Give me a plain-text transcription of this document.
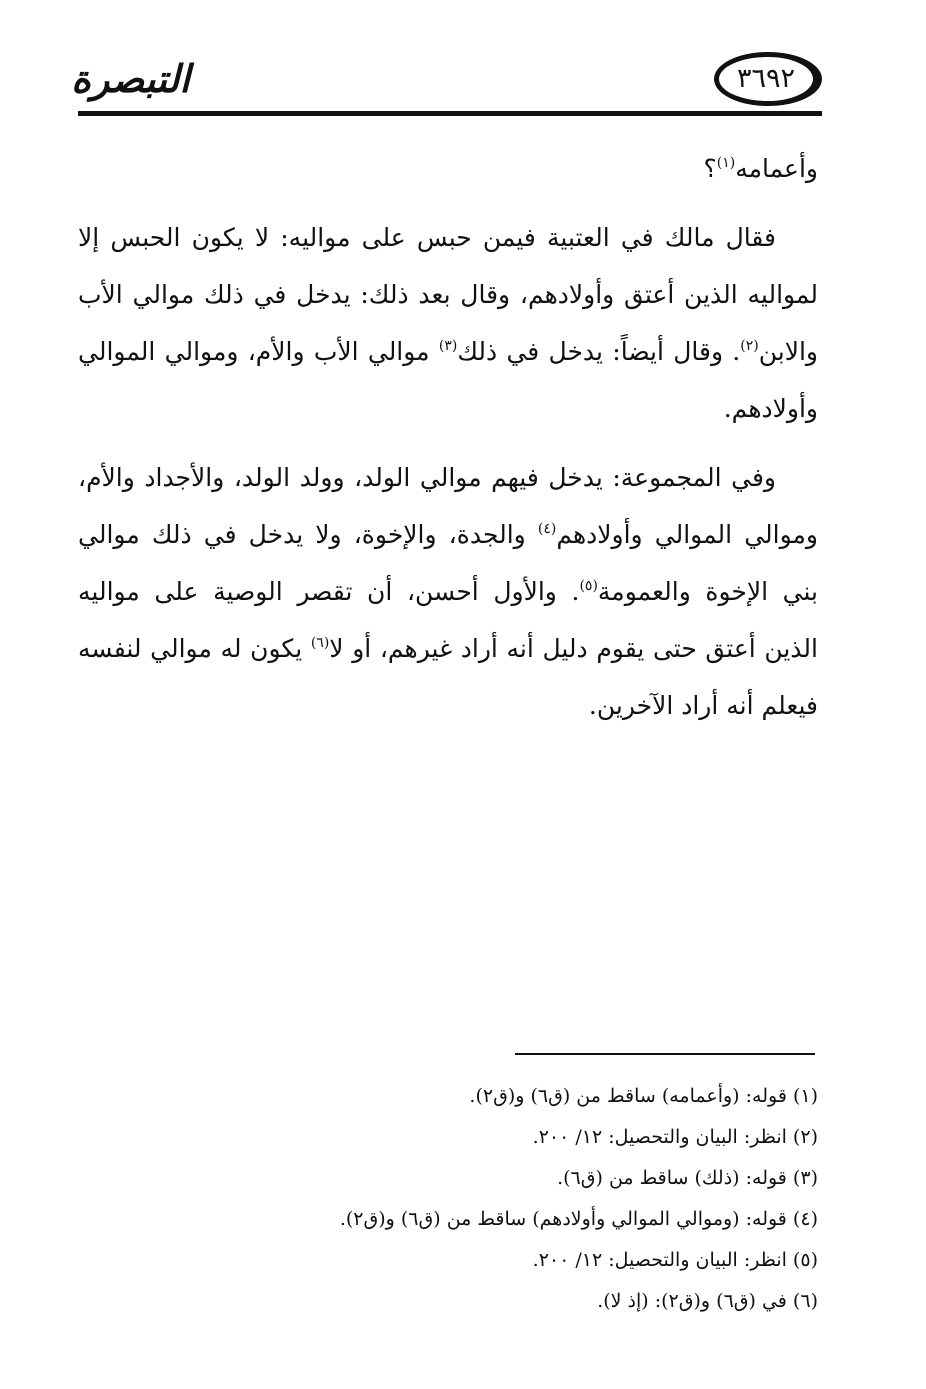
التبصرة	٣٦٩٢

وأعمامه$^{(١)}$؟

فقال مالك في العتبية فيمن حبس على مواليه: لا يكون الحبس إلا لمواليه الذين أعتق وأولادهم، وقال بعد ذلك: يدخل في ذلك موالي الأب والابن$^{(٢)}$. وقال أيضاً: يدخل في ذلك$^{(٣)}$ موالي الأب والأم، وموالي الموالي وأولادهم.

وفي المجموعة: يدخل فيهم موالي الولد، وولد الولد، والأجداد والأم، وموالي الموالي وأولادهم$^{(٤)}$ والجدة، والإخوة، ولا يدخل في ذلك موالي بني الإخوة والعمومة$^{(٥)}$. والأول أحسن، أن تقصر الوصية على مواليه الذين أعتق حتى يقوم دليل أنه أراد غيرهم، أو لا$^{(٦)}$ يكون له موالي لنفسه فيعلم أنه أراد الآخرين.

(١) قوله: (وأعمامه) ساقط من (ق٦) و(ق٢).

(٢) انظر: البيان والتحصيل: ١٢/ ٢٠٠.

(٣) قوله: (ذلك) ساقط من (ق٦).

(٤) قوله: (وموالي الموالي وأولادهم) ساقط من (ق٦) و(ق٢).

(٥) انظر: البيان والتحصيل: ١٢/ ٢٠٠.

(٦) في (ق٦) و(ق٢): (إذ لا).
